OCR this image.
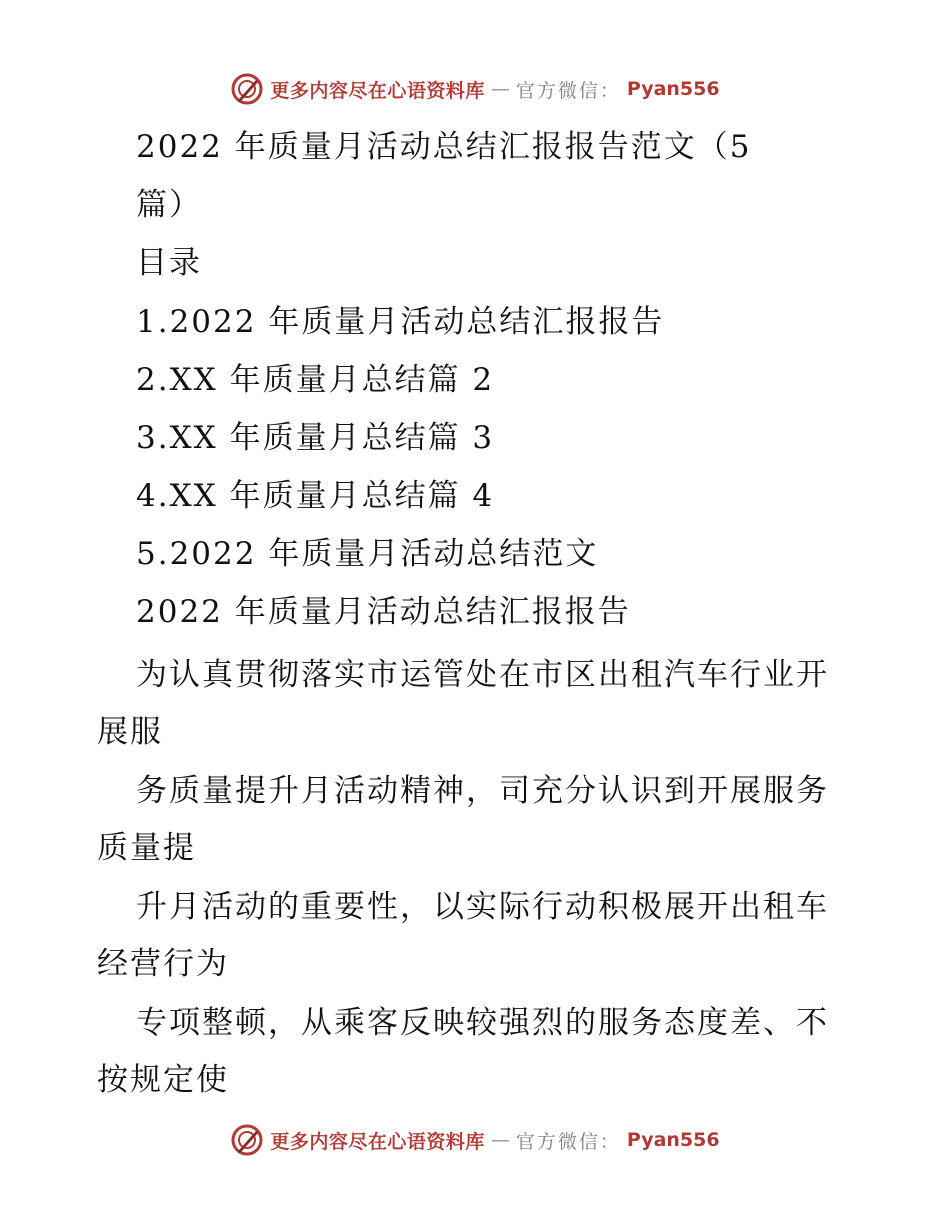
更多内容尽在心语资料库 — 官方微信： Pyan556
2022 年质量月活动总结汇报报告范文（5
篇）
目录
1.2022 年质量月活动总结汇报报告
2.XX 年质量月总结篇 2
3.XX 年质量月总结篇 3
4.XX 年质量月总结篇 4
5.2022 年质量月活动总结范文
2022 年质量月活动总结汇报报告
为认真贯彻落实市运管处在市区出租汽车行业开
展服
务质量提升月活动精神，司充分认识到开展服务
质量提
升月活动的重要性，以实际行动积极展开出租车
经营行为
专项整顿，从乘客反映较强烈的服务态度差、不
按规定使
更多内容尽在心语资料库 — 官方微信： Pyan556
